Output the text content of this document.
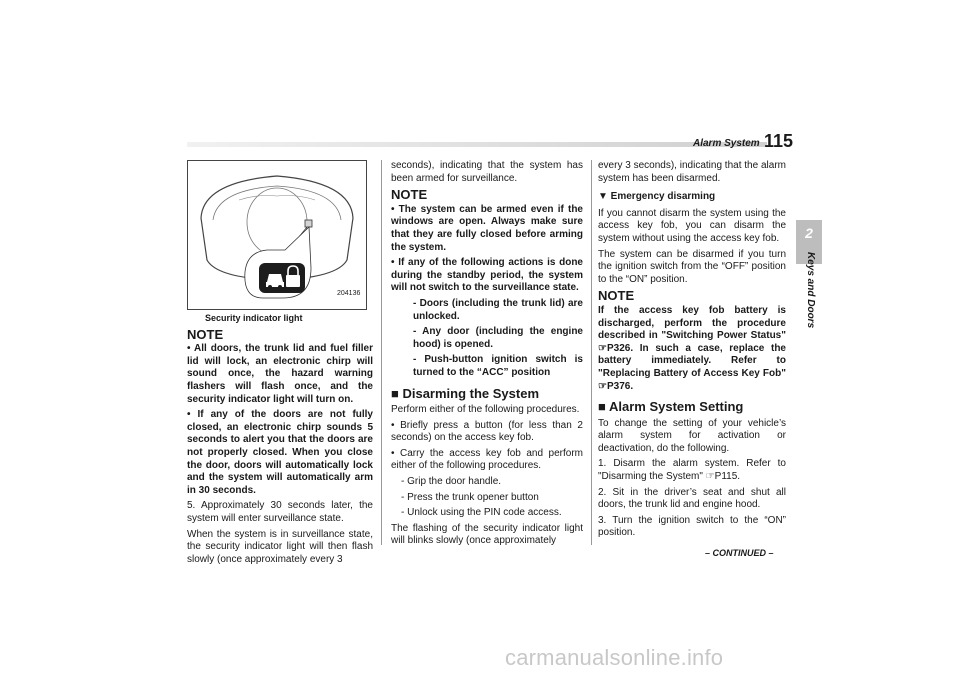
Alarm System 115
2
Keys and Doors
204136
Security indicator light
NOTE

• All doors, the trunk lid and fuel filler lid will lock, an electronic chirp will sound once, the hazard warning flashers will flash once, and the security indicator light will turn on.

• If any of the doors are not fully closed, an electronic chirp sounds 5 seconds to alert you that the doors are not properly closed. When you close the door, doors will automatically lock and the system will automatically arm in 30 seconds.

5. Approximately 30 seconds later, the system will enter surveillance state.

When the system is in surveillance state, the security indicator light will then flash slowly (once approximately every 3

seconds), indicating that the system has been armed for surveillance.

NOTE

• The system can be armed even if the windows are open. Always make sure that they are fully closed before arming the system.

• If any of the following actions is done during the standby period, the system will not switch to the surveillance state.

- Doors (including the trunk lid) are unlocked.

- Any door (including the engine hood) is opened.

- Push-button ignition switch is turned to the “ACC” position

■ Disarming the System

Perform either of the following procedures.

• Briefly press a button (for less than 2 seconds) on the access key fob.

• Carry the access key fob and perform either of the following procedures.

- Grip the door handle.

- Press the trunk opener button

- Unlock using the PIN code access.

The flashing of the security indicator light will blinks slowly (once approximately

every 3 seconds), indicating that the alarm system has been disarmed.

▼ Emergency disarming

If you cannot disarm the system using the access key fob, you can disarm the system without using the access key fob.

The system can be disarmed if you turn the ignition switch from the “OFF” position to the “ON” position.

NOTE

If the access key fob battery is discharged, perform the procedure described in "Switching Power Status" ☞P326. In such a case, replace the battery immediately. Refer to "Replacing Battery of Access Key Fob" ☞P376.

■ Alarm System Setting

To change the setting of your vehicle’s alarm system for activation or deactivation, do the following.

1. Disarm the alarm system. Refer to "Disarming the System" ☞P115.

2. Sit in the driver’s seat and shut all doors, the trunk lid and engine hood.

3. Turn the ignition switch to the “ON” position.

– CONTINUED –
carmanualsonline.info
